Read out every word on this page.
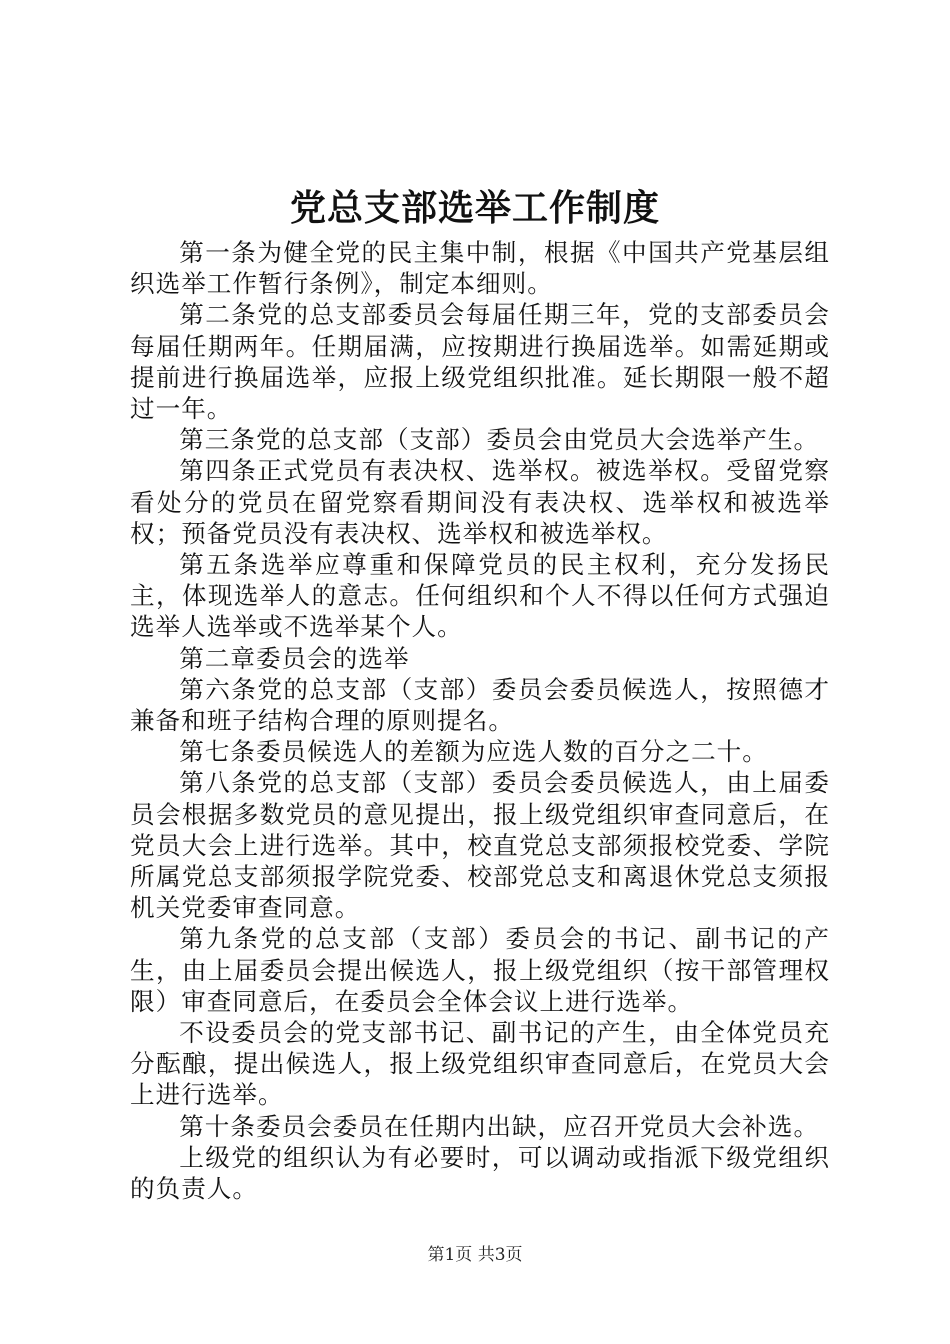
党总支部选举工作制度

第一条为健全党的民主集中制，根据《中国共产党基层组织选举工作暂行条例》，制定本细则。

第二条党的总支部委员会每届任期三年，党的支部委员会每届任期两年。任期届满，应按期进行换届选举。如需延期或提前进行换届选举，应报上级党组织批准。延长期限一般不超过一年。

第三条党的总支部（支部）委员会由党员大会选举产生。

第四条正式党员有表决权、选举权。被选举权。受留党察看处分的党员在留党察看期间没有表决权、选举权和被选举权；预备党员没有表决权、选举权和被选举权。

第五条选举应尊重和保障党员的民主权利，充分发扬民主，体现选举人的意志。任何组织和个人不得以任何方式强迫选举人选举或不选举某个人。

第二章委员会的选举

第六条党的总支部（支部）委员会委员候选人，按照德才兼备和班子结构合理的原则提名。

第七条委员候选人的差额为应选人数的百分之二十。

第八条党的总支部（支部）委员会委员候选人，由上届委员会根据多数党员的意见提出，报上级党组织审查同意后，在党员大会上进行选举。其中，校直党总支部须报校党委、学院所属党总支部须报学院党委、校部党总支和离退休党总支须报机关党委审查同意。

第九条党的总支部（支部）委员会的书记、副书记的产生，由上届委员会提出候选人，报上级党组织（按干部管理权限）审查同意后，在委员会全体会议上进行选举。

不设委员会的党支部书记、副书记的产生，由全体党员充分酝酿，提出候选人，报上级党组织审查同意后，在党员大会上进行选举。

第十条委员会委员在任期内出缺，应召开党员大会补选。

上级党的组织认为有必要时，可以调动或指派下级党组织的负责人。

第1页 共3页
